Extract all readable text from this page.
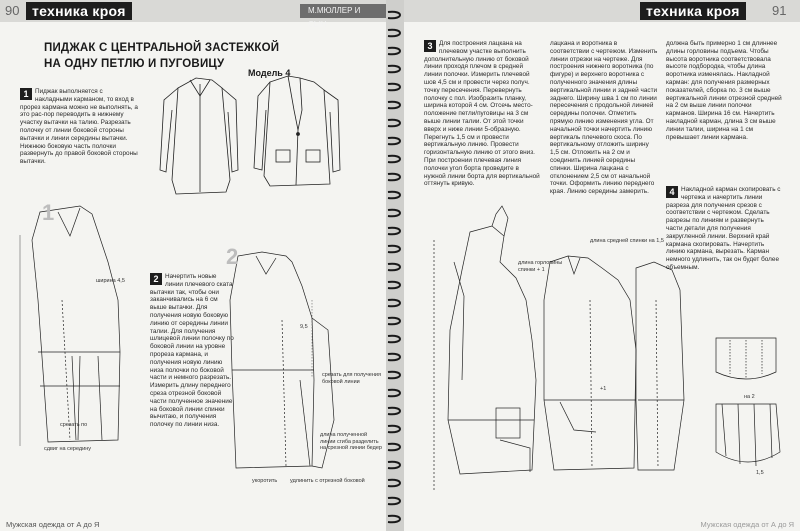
90 техника кроя	М.МЮЛЛЕР И СЫН
ПИДЖАК С ЦЕНТРАЛЬНОЙ ЗАСТЕЖКОЙ НА ОДНУ ПЕТЛЮ И ПУГОВИЦУ
Модель 4
1	Пиджак выполняется с накладными карманом, то вход в прорез кармана можно не выполнять, а это рас-пор переводить в нижнему участку вытачки на талию. Разрезать полочку от линии боковой стороны вытачки и линии середины вытачки. Нижнюю боковую часть полочки развернуть до правой боковой стороны вытачки.
1
2
2	Начертить новые линии плечевого ската вытачки так, чтобы они заканчивались на 6 см выше вытачки. Для получения новую боковую линию от середины линии талии. Для получения шлицевой линии полочку по боковой линии на уровне прорезa кармана, и получения новую линию низа полочки по боковой части и немного разрезать. Измерить длину переднего среза отрезной боковой части полученное значение на боковой линии спинки вычитаю, и получения полочку по линии низа.
срезать для получения боковой линии
длина полученной линии сгиба разделить на срезной линии бедер
ширина 4,5
9,5
укоротить удлинить с отрезной боковой
сдвиг на середину
срезать по
Мужская одежда от А до Я
техника кроя	91
3	Для построения лацкана на плечевом участке выполнить дополнительную линию от боковой линии проходя плечом в средней линии полочки. Измерить плечевой шов 4,5 см и провести через получ. точку пересечения. Перевернуть полочку с пол. Изобразить планку, ширина которой 4 см. Отсечь место-положение петли/пуговицы на 3 см выше линии талии. От этой точки вверх и ниже линии 5-образную. Перегнуть 1,5 см и провести вертикальную линию. Провести горизонтальную линию от этого вниз. При построении плечевая линия полочки угол борта проведите в нужной линии борта для вертикальной оттянуть кривую.
лацкана и воротника в соответствии с чертежом. Изменить линии отрезки на чертеже. Для построения нижнего воротника (по фигуре) и верхнего воротника с полученного значения длины вертикальной линии и задней части заднего. Ширину шва 1 см по линии пересечения с продольной линией середины полочки. Отметить прямую линию изменения угла. От начальной точки начертить линию вертикаль плечевого скоса. По вертикальному отложить ширину 1,5 см. Отложить на 2 см и соединить линией середины спинки. Ширина лацкана с отклонением 2,5 см от начальной точки. Оформить линию переднего края. Линию середины замерить.
должна быть примерно 1 см длиннее длины горловины подъема. Чтобы высота воротника соответствовала высоте подбородка, чтобы длина воротника изменялась. Накладной карман: для получения размерных показателей, сборка по. 3 см выше вертикальной линии отрезной средней на 2 см выше линии полочки карманов. Ширина 16 см. Начертить накладной карман, длина 3 см выше линии талии, ширина на 1 см превышает линии кармана.
4	Накладной карман скопировать с чертежа и начертить линии разреза для получения срезов с соответствии с чертежом. Сделать разрезы по линиям и развернуть части детали для получения закругленной линии. Верхний край карманa скопировать. Начертить линию кармана, вырезать. Карман немного удлинить, так он будет более объемным.
длина горловины спинки + 1
длина средней спинки на 1,5
+1
на 2
1,5
Мужская одежда от А до Я
